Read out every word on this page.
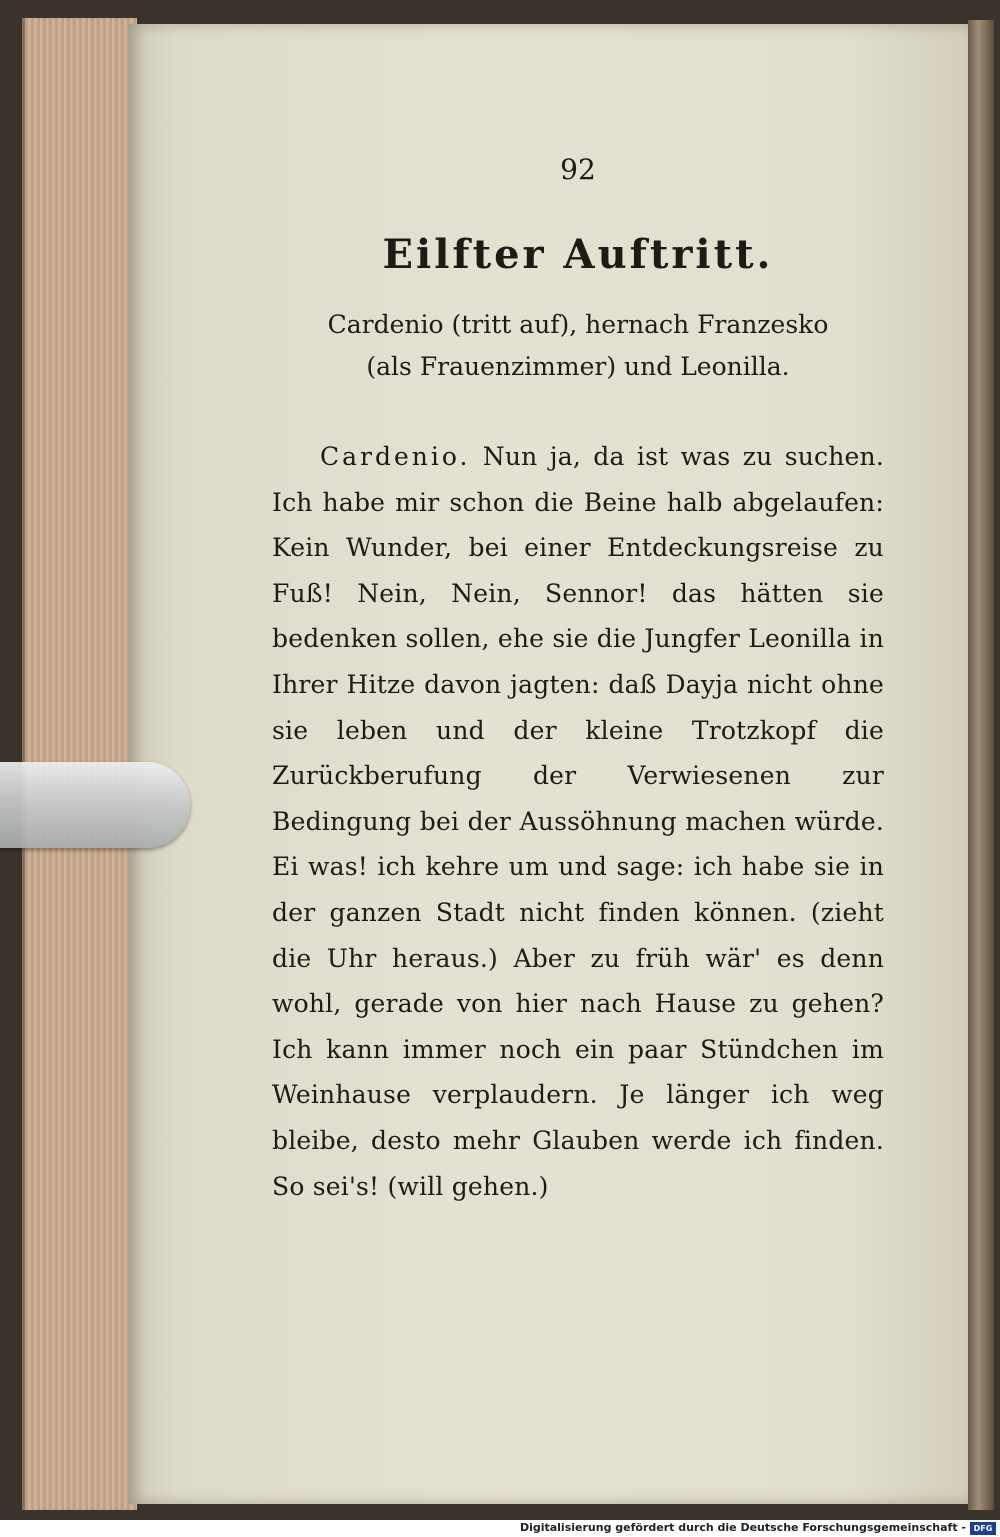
92
Eilfter Auftritt.
Cardenio (tritt auf), hernach Franzesko
(als Frauenzimmer) und Leonilla.

Cardenio. Nun ja, da ist was zu suchen. Ich habe mir schon die Beine halb abgelaufen: Kein Wunder, bei einer Entdeckungsreise zu Fuß! Nein, Nein, Sennor! das hätten sie bedenken sollen, ehe sie die Jungfer Leonilla in Ihrer Hitze davon jagten: daß Dayja nicht ohne sie leben und der kleine Trotzkopf die Zurückberufung der Verwiesenen zur Bedingung bei der Aussöhnung machen würde. Ei was! ich kehre um und sage: ich habe sie in der ganzen Stadt nicht finden können. (zieht die Uhr heraus.) Aber zu früh wär' es denn wohl, gerade von hier nach Hause zu gehen? Ich kann immer noch ein paar Stündchen im Weinhause verplaudern. Je länger ich weg bleibe, desto mehr Glauben werde ich finden. So sei's! (will gehen.)

Digitalisierung gefördert durch die Deutsche Forschungsgemeinschaft - DFG
